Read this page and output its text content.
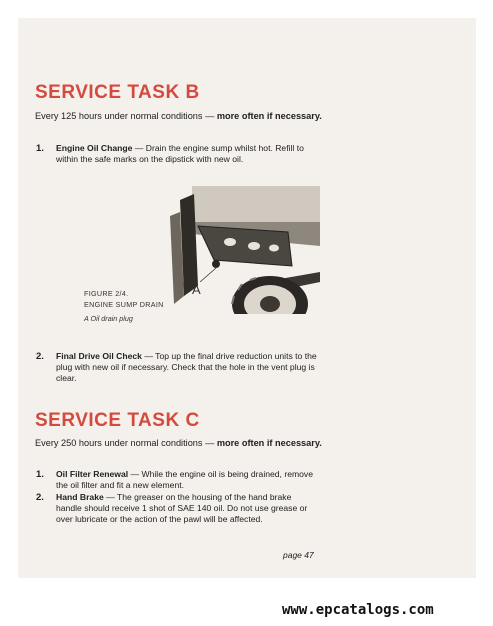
SERVICE TASK B
Every 125 hours under normal conditions — more often if necessary.
1. Engine Oil Change — Drain the engine sump whilst hot. Refill to within the safe marks on the dipstick with new oil.
A
FIGURE 2/4.
ENGINE SUMP DRAIN
A Oil drain plug
2. Final Drive Oil Check — Top up the final drive reduction units to the plug with new oil if necessary. Check that the hole in the vent plug is clear.
SERVICE TASK C
Every 250 hours under normal conditions — more often if necessary.
1. Oil Filter Renewal — While the engine oil is being drained, remove the oil filter and fit a new element.
2. Hand Brake — The greaser on the housing of the hand brake handle should receive 1 shot of SAE 140 oil. Do not use grease or over lubricate or the action of the pawl will be affected.
page 47
www.epcatalogs.com
